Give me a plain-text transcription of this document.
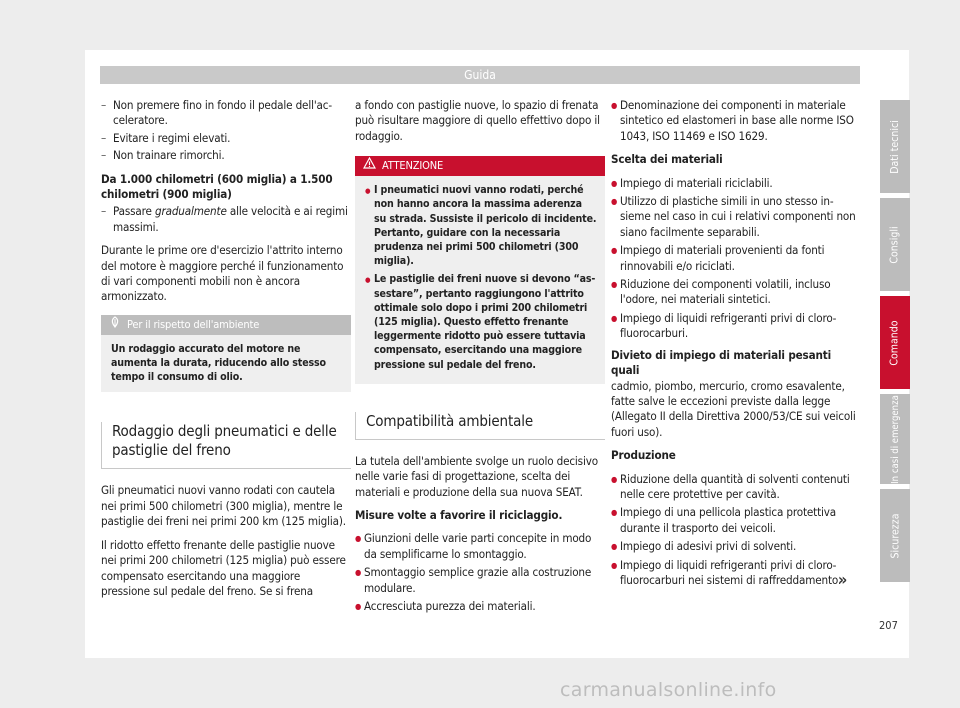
Guida
– Non premere fino in fondo il pedale dell'acceleratore.
– Evitare i regimi elevati.
– Non trainare rimorchi.

Da 1.000 chilometri (600 miglia) a 1.500 chilometri (900 miglia)

– Passare gradualmente alle velocità e ai regimi massimi.

Durante le prime ore d'esercizio l'attrito interno del motore è maggiore perché il funzionamento di vari componenti mobili non è ancora armonizzato.

Per il rispetto dell'ambiente
Un rodaggio accurato del motore ne aumenta la durata, riducendo allo stesso tempo il consumo di olio.
Rodaggio degli pneumatici e delle pastiglie del freno

Gli pneumatici nuovi vanno rodati con cautela nei primi 500 chilometri (300 miglia), mentre le pastiglie dei freni nei primi 200 km (125 miglia).

Il ridotto effetto frenante delle pastiglie nuove nei primi 200 chilometri (125 miglia) può essere compensato esercitando una maggiore pressione sul pedale del freno. Se si frena

a fondo con pastiglie nuove, lo spazio di frenata può risultare maggiore di quello effettivo dopo il rodaggio.

ATTENZIONE
● I pneumatici nuovi vanno rodati, perché non hanno ancora la massima aderenza su strada. Sussiste il pericolo di incidente. Pertanto, guidare con la necessaria prudenza nei primi 500 chilometri (300 miglia).
● Le pastiglie dei freni nuove si devono “assestare”, pertanto raggiungono l'attrito ottimale solo dopo i primi 200 chilometri (125 miglia). Questo effetto frenante leggermente ridotto può essere tuttavia compensato, esercitando una maggiore pressione sul pedale del freno.
Compatibilità ambientale

La tutela dell'ambiente svolge un ruolo decisivo nelle varie fasi di progettazione, scelta dei materiali e produzione della sua nuova SEAT.

Misure volte a favorire il riciclaggio.

● Giunzioni delle varie parti concepite in modo da semplificarne lo smontaggio.
● Smontaggio semplice grazie alla costruzione modulare.
● Accresciuta purezza dei materiali.
● Denominazione dei componenti in materiale sintetico ed elastomeri in base alle norme ISO 1043, ISO 11469 e ISO 1629.

Scelta dei materiali

● Impiego di materiali riciclabili.
● Utilizzo di plastiche simili in uno stesso insieme nel caso in cui i relativi componenti non siano facilmente separabili.
● Impiego di materiali provenienti da fonti rinnovabili e/o riciclati.
● Riduzione dei componenti volatili, incluso l'odore, nei materiali sintetici.
● Impiego di liquidi refrigeranti privi di clorofluorocarburi.

Divieto di impiego di materiali pesanti quali

cadmio, piombo, mercurio, cromo esavalente, fatte salve le eccezioni previste dalla legge (Allegato II della Direttiva 2000/53/CE sui veicoli fuori uso).

Produzione

● Riduzione della quantità di solventi contenuti nelle cere protettive per cavità.
● Impiego di una pellicola plastica protettiva durante il trasporto dei veicoli.
● Impiego di adesivi privi di solventi.
● Impiego di liquidi refrigeranti privi di clorofluorocarburi nei sistemi di raffreddamento.
»
Dati tecnici
Consigli
Comando
In casi di emergenza
Sicurezza
207
carmanualsonline.info
